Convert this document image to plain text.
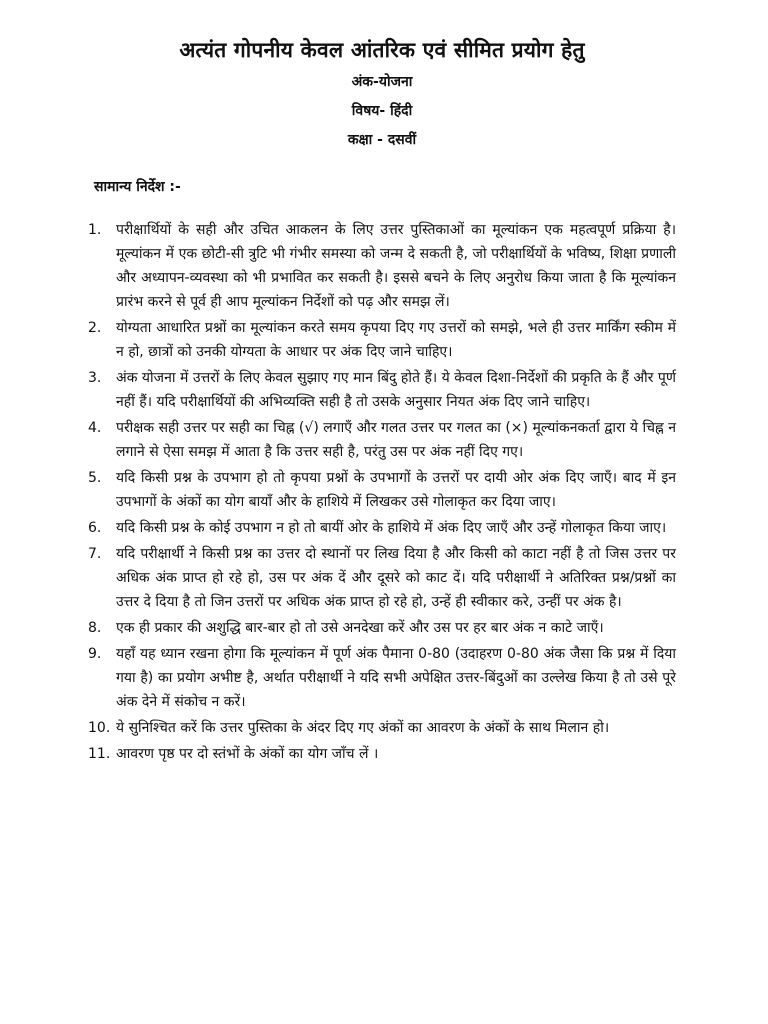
अत्यंत गोपनीय केवल आंतरिक एवं सीमित प्रयोग हेतु
अंक-योजना
विषय- हिंदी
कक्षा - दसवीं
सामान्य निर्देश :-
1.	परीक्षार्थियों के सही और उचित आकलन के लिए उत्तर पुस्तिकाओं का मूल्यांकन एक महत्वपूर्ण प्रक्रिया है। मूल्यांकन में एक छोटी-सी त्रुटि भी गंभीर समस्या को जन्म दे सकती है, जो परीक्षार्थियों के भविष्य, शिक्षा प्रणाली और अध्यापन-व्यवस्था को भी प्रभावित कर सकती है। इससे बचने के लिए अनुरोध किया जाता है कि मूल्यांकन प्रारंभ करने से पूर्व ही आप मूल्यांकन निर्देशों को पढ़ और समझ लें।

2.	योग्यता आधारित प्रश्नों का मूल्यांकन करते समय कृपया दिए गए उत्तरों को समझे, भले ही उत्तर मार्किंग स्कीम में न हो, छात्रों को उनकी योग्यता के आधार पर अंक दिए जाने चाहिए।

3.	अंक योजना में उत्तरों के लिए केवल सुझाए गए मान बिंदु होते हैं। ये केवल दिशा-निर्देशों की प्रकृति के हैं और पूर्ण नहीं हैं। यदि परीक्षार्थियों की अभिव्यक्ति सही है तो उसके अनुसार नियत अंक दिए जाने चाहिए।

4.	परीक्षक सही उत्तर पर सही का चिह्न (√) लगाएँ और गलत उत्तर पर गलत का (×) मूल्यांकनकर्ता द्वारा ये चिह्न न लगाने से ऐसा समझ में आता है कि उत्तर सही है, परंतु उस पर अंक नहीं दिए गए।

5.	यदि किसी प्रश्न के उपभाग हो तो कृपया प्रश्नों के उपभागों के उत्तरों पर दायी ओर अंक दिए जाएँ। बाद में इन उपभागों के अंकों का योग बायाँ और के हाशिये में लिखकर उसे गोलाकृत कर दिया जाए।

6.	यदि किसी प्रश्न के कोई उपभाग न हो तो बायीं ओर के हाशिये में अंक दिए जाएँ और उन्हें गोलाकृत किया जाए।

7.	यदि परीक्षार्थी ने किसी प्रश्न का उत्तर दो स्थानों पर लिख दिया है और किसी को काटा नहीं है तो जिस उत्तर पर अधिक अंक प्राप्त हो रहे हो, उस पर अंक दें और दूसरे को काट दें। यदि परीक्षार्थी ने अतिरिक्त प्रश्न/प्रश्नों का उत्तर दे दिया है तो जिन उत्तरों पर अधिक अंक प्राप्त हो रहे हो, उन्हें ही स्वीकार करे, उन्हीं पर अंक है।

8.	एक ही प्रकार की अशुद्धि बार-बार हो तो उसे अनदेखा करें और उस पर हर बार अंक न काटे जाएँ।

9.	यहाँ यह ध्यान रखना होगा कि मूल्यांकन में पूर्ण अंक पैमाना 0-80 (उदाहरण 0-80 अंक जैसा कि प्रश्न में दिया गया है) का प्रयोग अभीष्ट है, अर्थात परीक्षार्थी ने यदि सभी अपेक्षित उत्तर-बिंदुओं का उल्लेख किया है तो उसे पूरे अंक देने में संकोच न करें।

10. ये सुनिश्चित करें कि उत्तर पुस्तिका के अंदर दिए गए अंकों का आवरण के अंकों के साथ मिलान हो।

11. आवरण पृष्ठ पर दो स्तंभों के अंकों का योग जाँच लें ।
